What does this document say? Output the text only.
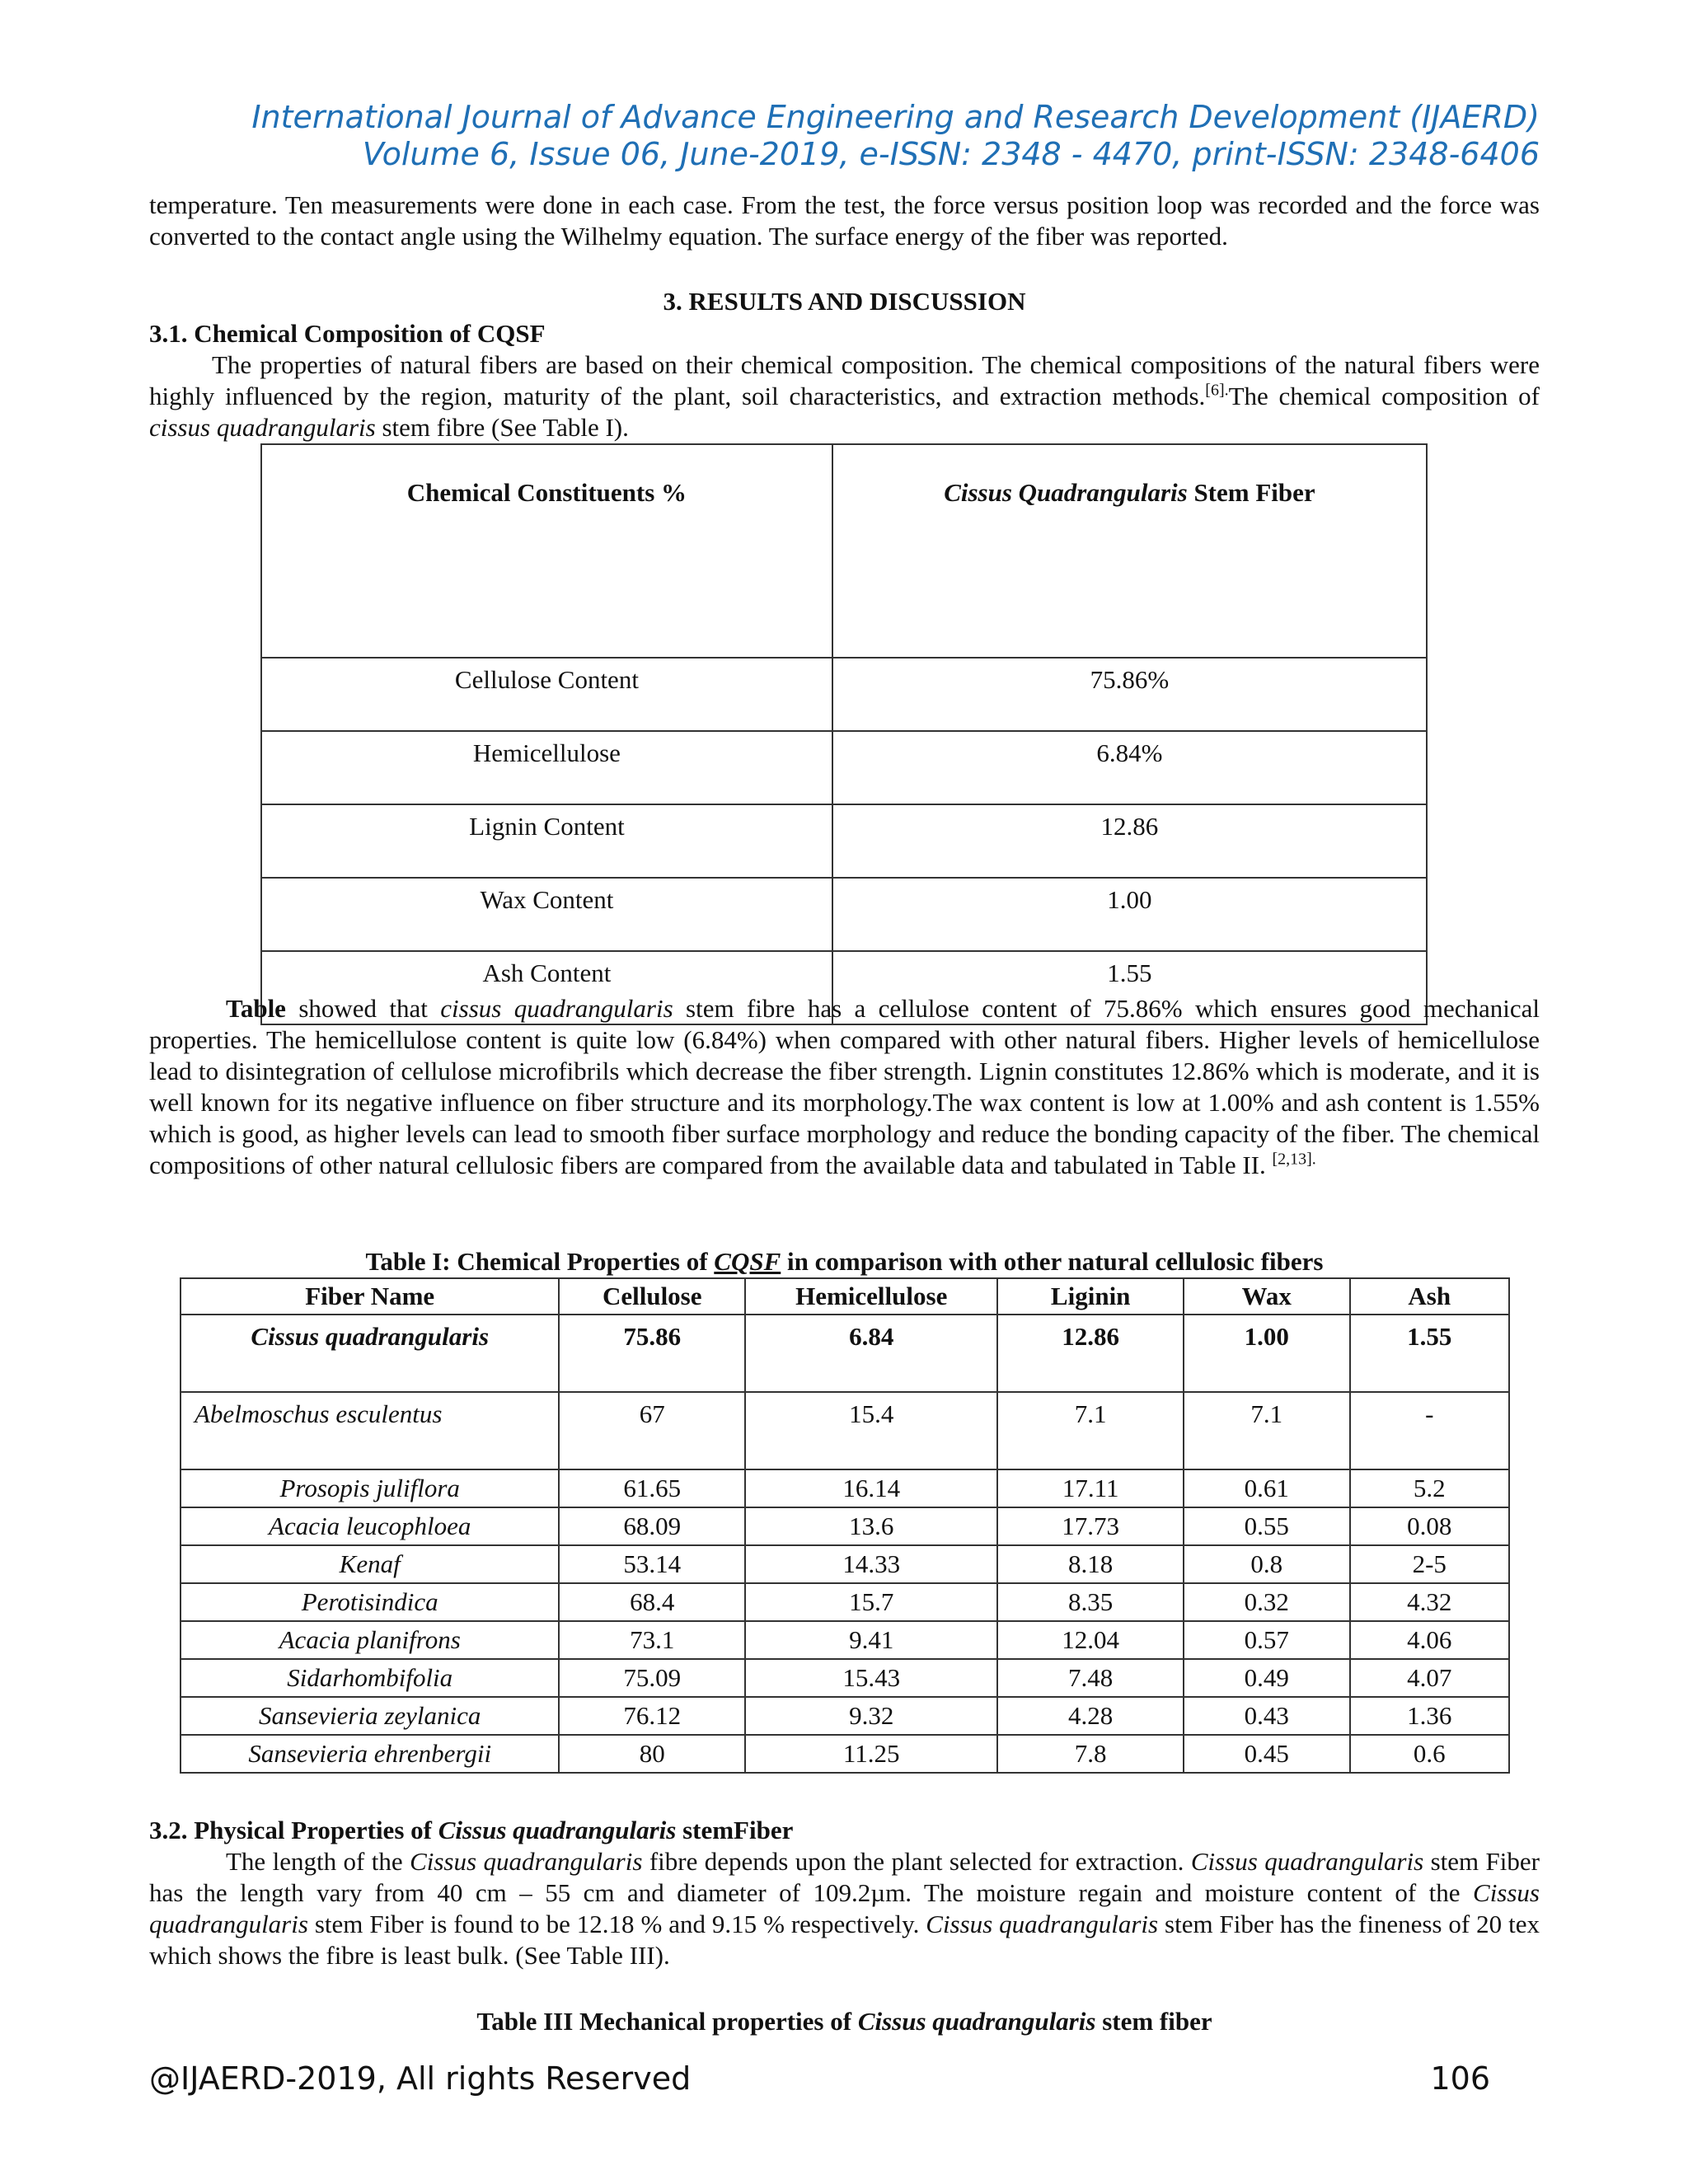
International Journal of Advance Engineering and Research Development (IJAERD)
Volume 6, Issue 06, June-2019, e-ISSN: 2348 - 4470, print-ISSN: 2348-6406

temperature. Ten measurements were done in each case. From the test, the force versus position loop was recorded and the force was converted to the contact angle using the Wilhelmy equation. The surface energy of the fiber was reported.

3. RESULTS AND DISCUSSION
3.1. Chemical Composition of CQSF

The properties of natural fibers are based on their chemical composition. The chemical compositions of the natural fibers were highly influenced by the region, maturity of the plant, soil characteristics, and extraction methods.$^{[6].}$The chemical composition of cissus quadrangularis stem fibre (See Table I).

Chemical Constituents %	Cissus Quadrangularis Stem Fiber
Cellulose Content	75.86%
Hemicellulose	6.84%
Lignin Content	12.86
Wax Content	1.00
Ash Content	1.55

Table showed that cissus quadrangularis stem fibre has a cellulose content of 75.86% which ensures good mechanical properties. The hemicellulose content is quite low (6.84%) when compared with other natural fibers. Higher levels of hemicellulose lead to disintegration of cellulose microfibrils which decrease the fiber strength. Lignin constitutes 12.86% which is moderate, and it is well known for its negative influence on fiber structure and its morphology.The wax content is low at 1.00% and ash content is 1.55% which is good, as higher levels can lead to smooth fiber surface morphology and reduce the bonding capacity of the fiber. The chemical compositions of other natural cellulosic fibers are compared from the available data and tabulated in Table II. $^{[2,13].}$

Table I: Chemical Properties of CQSF in comparison with other natural cellulosic fibers
Fiber Name	Cellulose	Hemicellulose	Liginin	Wax	Ash
Cissus quadrangularis	75.86	6.84	12.86	1.00	1.55
Abelmoschus esculentus	67	15.4	7.1	7.1	-
Prosopis juliflora	61.65	16.14	17.11	0.61	5.2
Acacia leucophloea	68.09	13.6	17.73	0.55	0.08
Kenaf	53.14	14.33	8.18	0.8	2-5
Perotisindica	68.4	15.7	8.35	0.32	4.32
Acacia planifrons	73.1	9.41	12.04	0.57	4.06
Sidarhombifolia	75.09	15.43	7.48	0.49	4.07
Sansevieria zeylanica	76.12	9.32	4.28	0.43	1.36
Sansevieria ehrenbergii	80	11.25	7.8	0.45	0.6
3.2. Physical Properties of Cissus quadrangularis stemFiber

The length of the Cissus quadrangularis fibre depends upon the plant selected for extraction. Cissus quadrangularis stem Fiber has the length vary from 40 cm – 55 cm and diameter of 109.2µm. The moisture regain and moisture content of the Cissus quadrangularis stem Fiber is found to be 12.18 % and 9.15 % respectively. Cissus quadrangularis stem Fiber has the fineness of 20 tex which shows the fibre is least bulk. (See Table III).

Table III Mechanical properties of Cissus quadrangularis stem fiber
@IJAERD-2019, All rights Reserved	106
